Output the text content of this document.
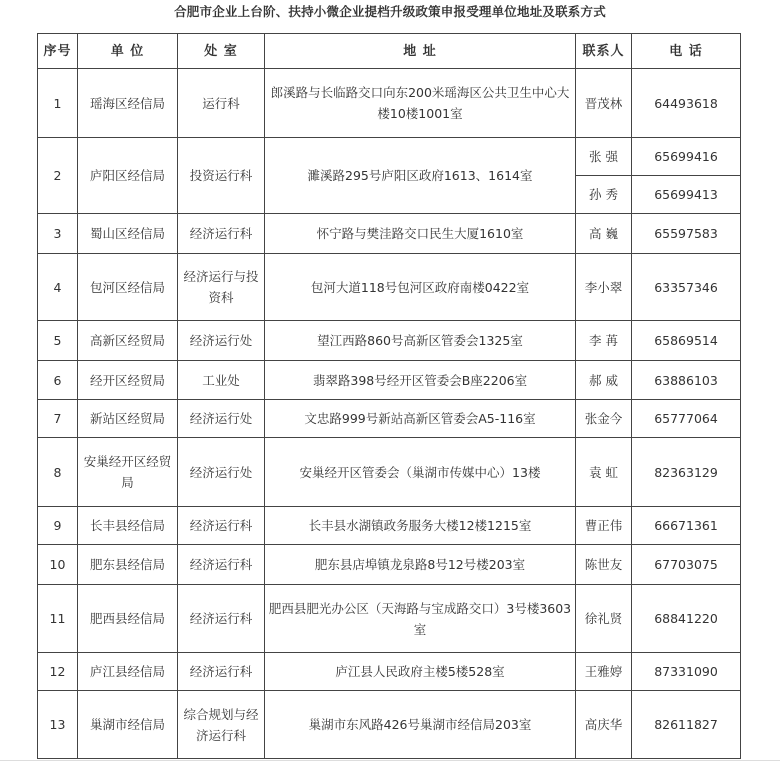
合肥市企业上台阶、扶持小微企业提档升级政策申报受理单位地址及联系方式
序号	单 位	处 室	地 址	联系人	电 话
1	瑶海区经信局	运行科	郎溪路与长临路交口向东200米瑶海区公共卫生中心大楼10楼1001室	晋茂林	64493618
2	庐阳区经信局	投资运行科	濉溪路295号庐阳区政府1613、1614室	张 强	65699416
				孙 秀	65699413
3	蜀山区经信局	经济运行科	怀宁路与樊洼路交口民生大厦1610室	高 巍	65597583
4	包河区经信局	经济运行与投资科	包河大道118号包河区政府南楼0422室	李小翠	63357346
5	高新区经贸局	经济运行处	望江西路860号高新区管委会1325室	李 苒	65869514
6	经开区经贸局	工业处	翡翠路398号经开区管委会B座2206室	郝 威	63886103
7	新站区经贸局	经济运行处	文忠路999号新站高新区管委会A5-116室	张金今	65777064
8	安巢经开区经贸局	经济运行处	安巢经开区管委会（巢湖市传媒中心）13楼	袁 虹	82363129
9	长丰县经信局	经济运行科	长丰县水湖镇政务服务大楼12楼1215室	曹正伟	66671361
10	肥东县经信局	经济运行科	肥东县店埠镇龙泉路8号12号楼203室	陈世友	67703075
11	肥西县经信局	经济运行科	肥西县肥光办公区（天海路与宝成路交口）3号楼3603室	徐礼贤	68841220
12	庐江县经信局	经济运行科	庐江县人民政府主楼5楼528室	王雅婷	87331090
13	巢湖市经信局	综合规划与经济运行科	巢湖市东风路426号巢湖市经信局203室	高庆华	82611827
